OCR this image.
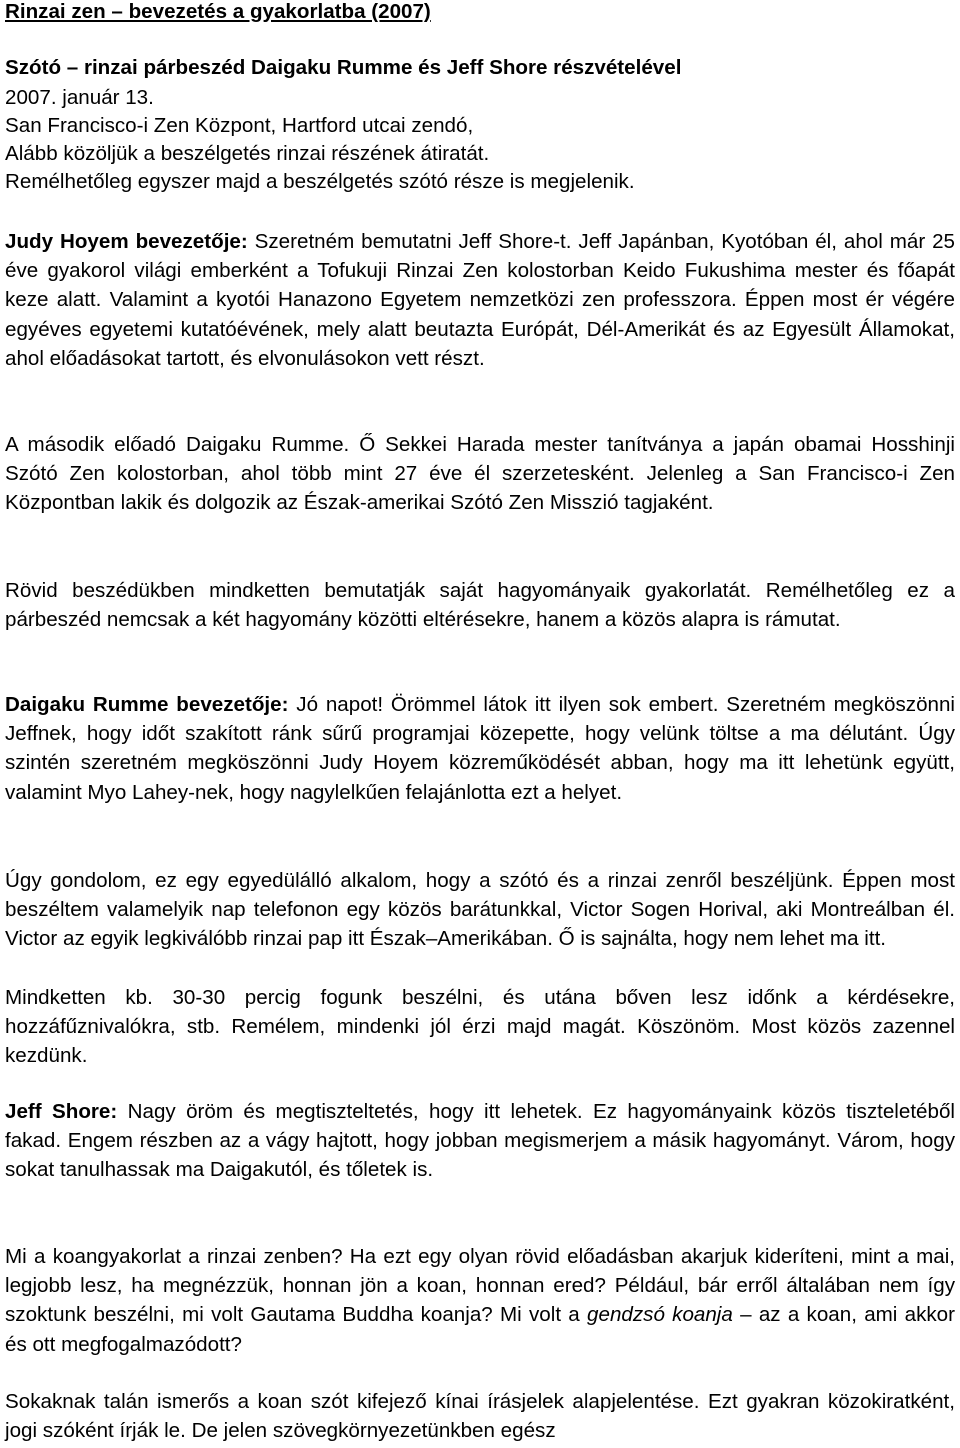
Rinzai zen – bevezetés a gyakorlatba (2007)
Szótó – rinzai párbeszéd Daigaku Rumme és Jeff Shore részvételével
2007. január 13.
San Francisco-i Zen Központ, Hartford utcai zendó,
Alább közöljük a beszélgetés rinzai részének átiratát.
Remélhetőleg egyszer majd a beszélgetés szótó része is megjelenik.

Judy Hoyem bevezetője: Szeretném bemutatni Jeff Shore-t. Jeff Japánban, Kyotóban él, ahol már 25 éve gyakorol világi emberként a Tofukuji Rinzai Zen kolostorban Keido Fukushima mester és főapát keze alatt. Valamint a kyotói Hanazono Egyetem nemzetközi zen professzora. Éppen most ér végére egyéves egyetemi kutatóévének, mely alatt beutazta Európát, Dél-Amerikát és az Egyesült Államokat, ahol előadásokat tartott, és elvonulásokon vett részt.

A második előadó Daigaku Rumme. Ő Sekkei Harada mester tanítványa a japán obamai Hosshinji Szótó Zen kolostorban, ahol több mint 27 éve él szerzetesként. Jelenleg a San Francisco-i Zen Központban lakik és dolgozik az Észak-amerikai Szótó Zen Misszió tagjaként.

Rövid beszédükben mindketten bemutatják saját hagyományaik gyakorlatát. Remélhetőleg ez a párbeszéd nemcsak a két hagyomány közötti eltérésekre, hanem a közös alapra is rámutat.

Daigaku Rumme bevezetője: Jó napot! Örömmel látok itt ilyen sok embert. Szeretném megköszönni Jeffnek, hogy időt szakított ránk sűrű programjai közepette, hogy velünk töltse a ma délutánt. Úgy szintén szeretném megköszönni Judy Hoyem közreműködését abban, hogy ma itt lehetünk együtt, valamint Myo Lahey-nek, hogy nagylelkűen felajánlotta ezt a helyet.

Úgy gondolom, ez egy egyedülálló alkalom, hogy a szótó és a rinzai zenről beszéljünk. Éppen most beszéltem valamelyik nap telefonon egy közös barátunkkal, Victor Sogen Horival, aki Montreálban él. Victor az egyik legkiválóbb rinzai pap itt Észak–Amerikában. Ő is sajnálta, hogy nem lehet ma itt.

Mindketten kb. 30-30 percig fogunk beszélni, és utána bőven lesz időnk a kérdésekre, hozzáfűznivalókra, stb. Remélem, mindenki jól érzi majd magát. Köszönöm. Most közös zazennel kezdünk.

Jeff Shore: Nagy öröm és megtiszteltetés, hogy itt lehetek. Ez hagyományaink közös tiszteletéből fakad. Engem részben az a vágy hajtott, hogy jobban megismerjem a másik hagyományt. Várom, hogy sokat tanulhassak ma Daigakutól, és tőletek is.

Mi a koangyakorlat a rinzai zenben? Ha ezt egy olyan rövid előadásban akarjuk kideríteni, mint a mai, legjobb lesz, ha megnézzük, honnan jön a koan, honnan ered? Például, bár erről általában nem így szoktunk beszélni, mi volt Gautama Buddha koanja? Mi volt a gendzsó koanja – az a koan, ami akkor és ott megfogalmazódott?

Sokaknak talán ismerős a koan szót kifejező kínai írásjelek alapjelentése. Ezt gyakran közokiratként, jogi szóként írják le. De jelen szövegkörnyezetünkben egész
